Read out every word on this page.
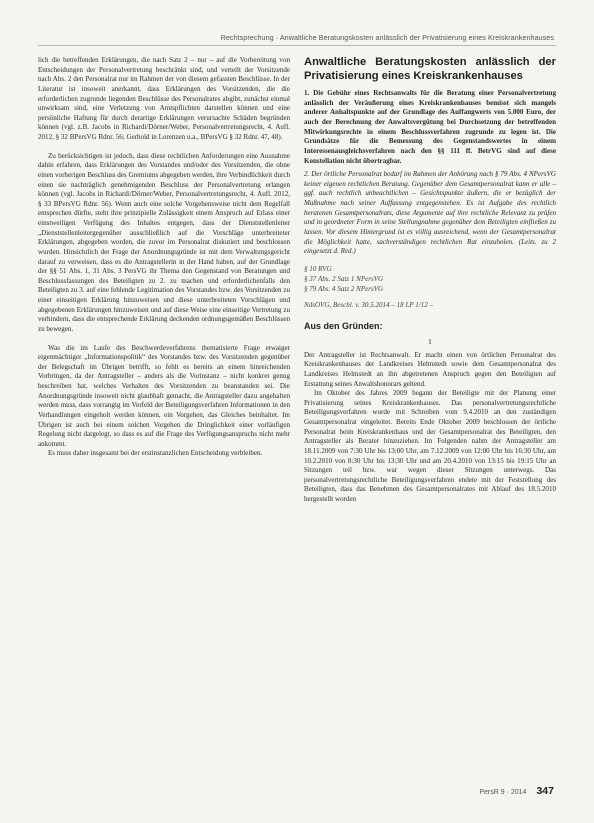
Rechtsprechung · Anwaltliche Beratungskosten anlässlich der Privatisierung eines Kreiskrankenhauses

lich die betreffenden Erklärungen, die nach Satz 2 – nur – auf die Vorbereitung von Entscheidungen der Personalvertretung beschränkt sind, und verteilt der Vorsitzende nach Abs. 2 den Personalrat nur im Rahmen der von diesem gefassten Beschlüsse. In der Literatur ist insoweit anerkannt, dass Erklärungen des Vorsitzenden, die die erforderlichen zugrunde liegenden Beschlüsse des Personalrates abgibt, zunächst einmal unwirksam sind, eine Verletzung von Amtspflichten darstellen können und eine persönliche Haftung für durch derartige Erklärungen verursachte Schäden begründen können (vgl. z.B. Jacobs in Richardi/Dörner/Weber, Personalvertretungsrecht, 4. Aufl. 2012, § 32 BPersVG Rdnr. 56; Gerhold in Lorenzen u.a., BPersVG § 32 Rdnr. 47, 48).

Zu berücksichtigen ist jedoch, dass diese rechtlichen Anforderungen eine Ausnahme dahin erfahren, dass Erklärungen des Vorstandes und/oder des Vorsitzenden, die ohne einen vorherigen Beschluss des Gremiums abgegeben werden, ihre Verbindlichkeit durch einen sie nachträglich genehmigenden Beschluss der Personalvertretung erlangen können (vgl. Jacobs in Richardi/Dörner/Weber, Personalvertretungsrecht, 4. Aufl. 2012, § 33 BPersVG Rdnr. 56). Wenn auch eine solche Vorgehensweise nicht dem Regelfall entsprechen dürfte, steht ihre prinzipielle Zulässigkeit einem Anspruch auf Erlass einer einstweiligen Verfügung des Inhaltes entgegen, dass der Dienststellenleiter „Dienststellenleitergegenüber ausschließlich auf die Vorschläge unterbreiteter Erklärungen, abgegeben worden, die zuvor im Personalrat diskutiert und beschlossen wurden. Hinsichtlich der Frage der Anordnungsgründe ist mit dem Verwaltungsgericht darauf zu verweisen, dass es die Antragstellerin in der Hand haben, auf der Grundlage der §§ 51 Abs. 1, 31 Abs. 3 PersVG ihr Thema den Gegenstand von Beratungen und Beschlussfassungen des Beteiligten zu 2. zu machen und erforderlichenfalls den Beteiligten zu 3. auf eine fehlende Legitimation des Vorstandes bzw. des Vorsitzenden zu einer einseitigen Erklärung hinzuweisen und diese unterbreiteten Vorschlägen und abgegebenen Erklärungen hinzuweisen und auf diese Weise eine einseitige Vertretung zu verhindern, dass die entsprechende Erklärung deckenden ordnungsgemäßen Beschlüssen zu bewegen.

Was die im Laufe des Beschwerdeverfahrens thematisierte Frage etwaiger eigenmächtiger „Informationspolitik“ des Vorstandes bzw. des Vorsitzenden gegenüber der Belegschaft im Übrigen betrifft, so fehlt es bereits an einem hinreichenden Vorbringen, da der Antragsteller – anders als die Vorinstanz – nicht konkret genug beschreiben hat, welches Verhalten des Vorsitzenden zu beanstanden sei. Die Anordnungsgründe insoweit nicht glaubhaft gemacht, die Antragsteller dazu angehalten werden muss, dass vorrangig im Vorfeld der Beteiligungsverfahren Informationen in den Verhandlungen eingeholt werden können, ein Vorgehen, das Gleiches beinhaltet. Im Übrigen ist auch bei einem solchen Vorgehen die Dringlichkeit einer vorläufigen Regelung nicht dargelegt, so dass es auf die Frage des Verfügungsanspruchs nicht mehr ankommt.

Es muss daher insgesamt bei der erstinstanzlichen Entscheidung verbleiben.

Anwaltliche Beratungskosten anlässlich der Privatisierung eines Kreiskrankenhauses

1. Die Gebühr eines Rechtsanwalts für die Beratung einer Personalvertretung anlässlich der Veräußerung eines Kreiskrankenhauses bemisst sich mangels anderer Anhaltspunkte auf der Grundlage des Auffangwerts von 5.000 Euro, der auch der Berechnung der Anwaltsvergütung bei Durchsetzung der betreffenden Mitwirkungsrechte in einem Beschlussverfahren zugrunde zu legen ist. Die Grundsätze für die Bemessung des Gegenstandswertes in einem Interessenausgleichsverfahren nach den §§ 111 ff. BetrVG sind auf diese Konstellation nicht übertragbar.

2. Der örtliche Personalrat bedarf im Rahmen der Anhörung nach § 79 Abs. 4 NPersVG keiner eigenen rechtlichen Beratung. Gegenüber dem Gesamtpersonalrat kann er alle – ggf. auch rechtlich unbeachtlichen – Gesichtspunkte äußern, die er bezüglich der Maßnahme nach seiner Auffassung entgegenstehen. Es ist Aufgabe des rechtlich beratenen Gesamtpersonalrats, diese Argumente auf ihre rechtliche Relevanz zu prüfen und in geordneter Form in seine Stellungnahme gegenüber dem Beteiligten einfließen zu lassen. Vor diesem Hintergrund ist es völlig ausreichend, wenn der Gesamtpersonalrat die Möglichkeit hatte, sachverständigen rechtlichen Rat einzuholen. (Leits. zu 2 eingesetzt d. Red.)

§ 10 RVG
§ 37 Abs. 2 Satz 1 NPersVG
§ 79 Abs. 4 Satz 2 NPersVG
NdsOVG, Beschl. v. 30.5.2014 – 18 LP 1/12 –
Aus den Gründen:
I

Der Antragsteller ist Rechtsanwalt. Er macht einen von örtlichen Personalrat des Kreiskrankenhauses der Landkreises Helmstedt sowie dem Gesamtpersonalrat des Landkreises Helmstedt an ihn abgetretenen Anspruch gegen den Beteiligten auf Erstattung seines Anwaltshonorars geltend.

Im Oktober des Jahres 2009 begann der Beteiligte mit der Planung einer Privatisierung seines Kreiskrankenhauses. Das personalvertretungsrechtliche Beteiligungsverfahren wurde mit Schreiben vom 9.4.2010 an den zuständigen Gesamtpersonalrat eingeleitet. Bereits Ende Oktober 2009 beschlossen der örtliche Personalrat beim Kreiskrankenhaus und der Gesamtpersonalrat des Beteiligten, den Antragsteller als Berater hinzuziehen. Im Folgenden nahm der Antragsteller am 18.11.2009 von 7:30 Uhr bis 13:00 Uhr, am 7.12.2009 von 12:00 Uhr bis 16:30 Uhr, am 10.2.2010 von 8:30 Uhr bis 13:30 Uhr und am 20.4.2010 von 13:15 bis 19:15 Uhr an Sitzungen teil bzw. war wegen dieser Sitzungen unterwegs. Das personalvertretungsrechtliche Beteiligungsverfahren endete mit der Feststellung des Beteiligten, dass das Benehmen des Gesamtpersonalrates mit Ablauf des 18.5.2010 hergestellt worden

PersR 9 · 2014 347
